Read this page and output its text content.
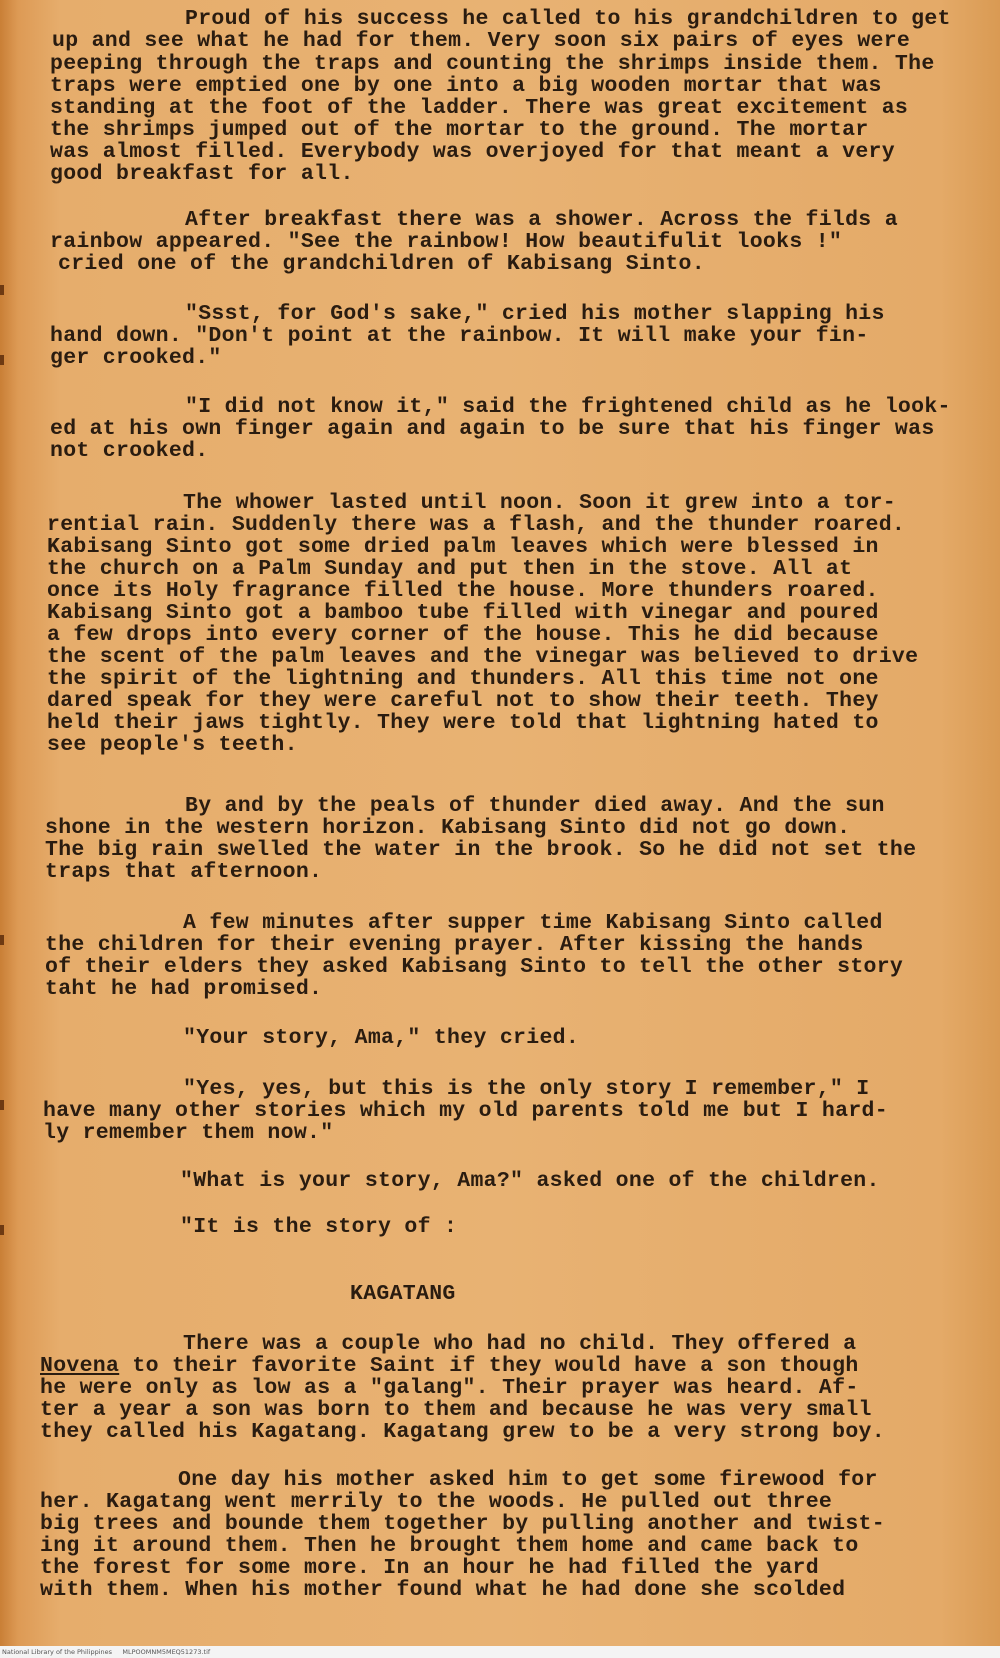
Proud of his success he called to his grandchildren to get
up and see what he had for them. Very soon six pairs of eyes were
peeping through the traps and counting the shrimps inside them. The
traps were emptied one by one into a big wooden mortar that was
standing at the foot of the ladder. There was great excitement as
the shrimps jumped out of the mortar to the ground. The mortar
was almost filled. Everybody was overjoyed for that meant a very
good breakfast for all.
After breakfast there was a shower. Across the filds a
rainbow appeared. "See the rainbow! How beautifulit looks !"
cried one of the grandchildren of Kabisang Sinto.
"Ssst, for God's sake," cried his mother slapping his
hand down. "Don't point at the rainbow. It will make your fin-
ger crooked."
"I did not know it," said the frightened child as he look-
ed at his own finger again and again to be sure that his finger was
not crooked.
The whower lasted until noon. Soon it grew into a tor-
rential rain. Suddenly there was a flash, and the thunder roared.
Kabisang Sinto got some dried palm leaves which were blessed in
the church on a Palm Sunday and put then in the stove. All at
once its Holy fragrance filled the house. More thunders roared.
Kabisang Sinto got a bamboo tube filled with vinegar and poured
a few drops into every corner of the house. This he did because
the scent of the palm leaves and the vinegar was believed to drive
the spirit of the lightning and thunders. All this time not one
dared speak for they were careful not to show their teeth. They
held their jaws tightly. They were told that lightning hated to
see people's teeth.
By and by the peals of thunder died away. And the sun
shone in the western horizon. Kabisang Sinto did not go down.
The big rain swelled the water in the brook. So he did not set the
traps that afternoon.
A few minutes after supper time Kabisang Sinto called
the children for their evening prayer. After kissing the hands
of their elders they asked Kabisang Sinto to tell the other story
taht he had promised.
"Your story, Ama," they cried.
"Yes, yes, but this is the only story I remember," I
have many other stories which my old parents told me but I hard-
ly remember them now."
"What is your story, Ama?" asked one of the children.
"It is the story of :
KAGATANG
There was a couple who had no child. They offered a
Novena to their favorite Saint if they would have a son though
he were only as low as a "galang". Their prayer was heard. Af-
ter a year a son was born to them and because he was very small
they called his Kagatang. Kagatang grew to be a very strong boy.
One day his mother asked him to get some firewood for
her. Kagatang went merrily to the woods. He pulled out three
big trees and bounde them together by pulling another and twist-
ing it around them. Then he brought them home and came back to
the forest for some more. In an hour he had filled the yard
with them. When his mother found what he had done she scolded
National Library of the Philippines     MLPOOMNM5MEQ51273.tif
